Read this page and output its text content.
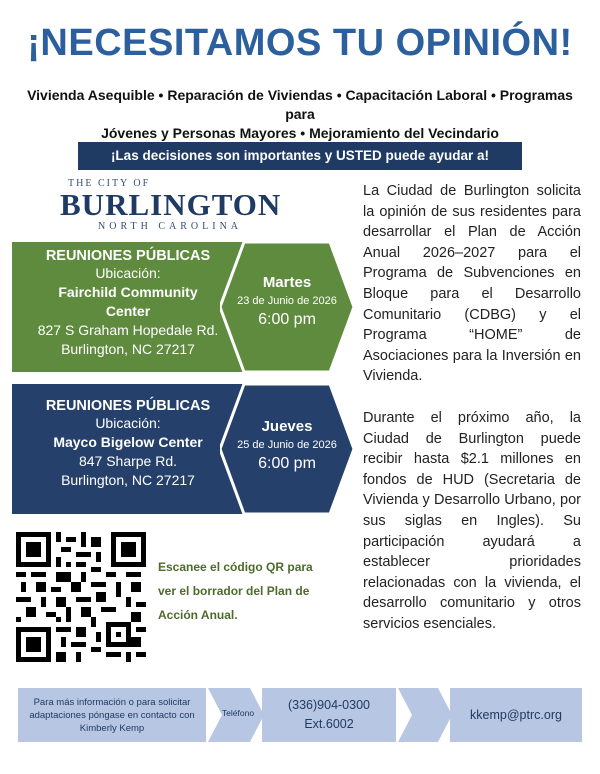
¡NECESITAMOS TU OPINIÓN!
Vivienda Asequible • Reparación de Viviendas • Capacitación Laboral • Programas para
Jóvenes y Personas Mayores • Mejoramiento del Vecindario
¡Las decisiones son importantes y USTED puede ayudar a!
THE CITY OF
BURLINGTON
NORTH CAROLINA
REUNIONES PÚBLICAS
Ubicación:
Fairchild Community
Center
827 S Graham Hopedale Rd.
Burlington, NC 27217
Martes
23 de Junio de 2026
6:00 pm
REUNIONES PÚBLICAS
Ubicación:
Mayco Bigelow Center
847 Sharpe Rd.
Burlington, NC 27217
Jueves
25 de Junio de 2026
6:00 pm

La Ciudad de Burlington solicita la opinión de sus residentes para desarrollar el Plan de Acción Anual 2026–2027 para el Programa de Subvenciones en Bloque para el Desarrollo Comunitario (CDBG) y el Programa “HOME” de Asociaciones para la Inversión en Vivienda.

Durante el próximo año, la Ciudad de Burlington puede recibir hasta $2.1 millones en fondos de HUD (Secretaria de Vivienda y Desarrollo Urbano, por sus siglas en Ingles). Su participación ayudará a establecer prioridades relacionadas con la vivienda, el desarrollo comunitario y otros servicios esenciales.

Escanee el código QR para
ver el borrador del Plan de
Acción Anual.
Para más información o para solicitar adaptaciones póngase en contacto con Kimberly Kemp
Teléfono
(336)904-0300
Ext.6002
kkemp@ptrc.org
